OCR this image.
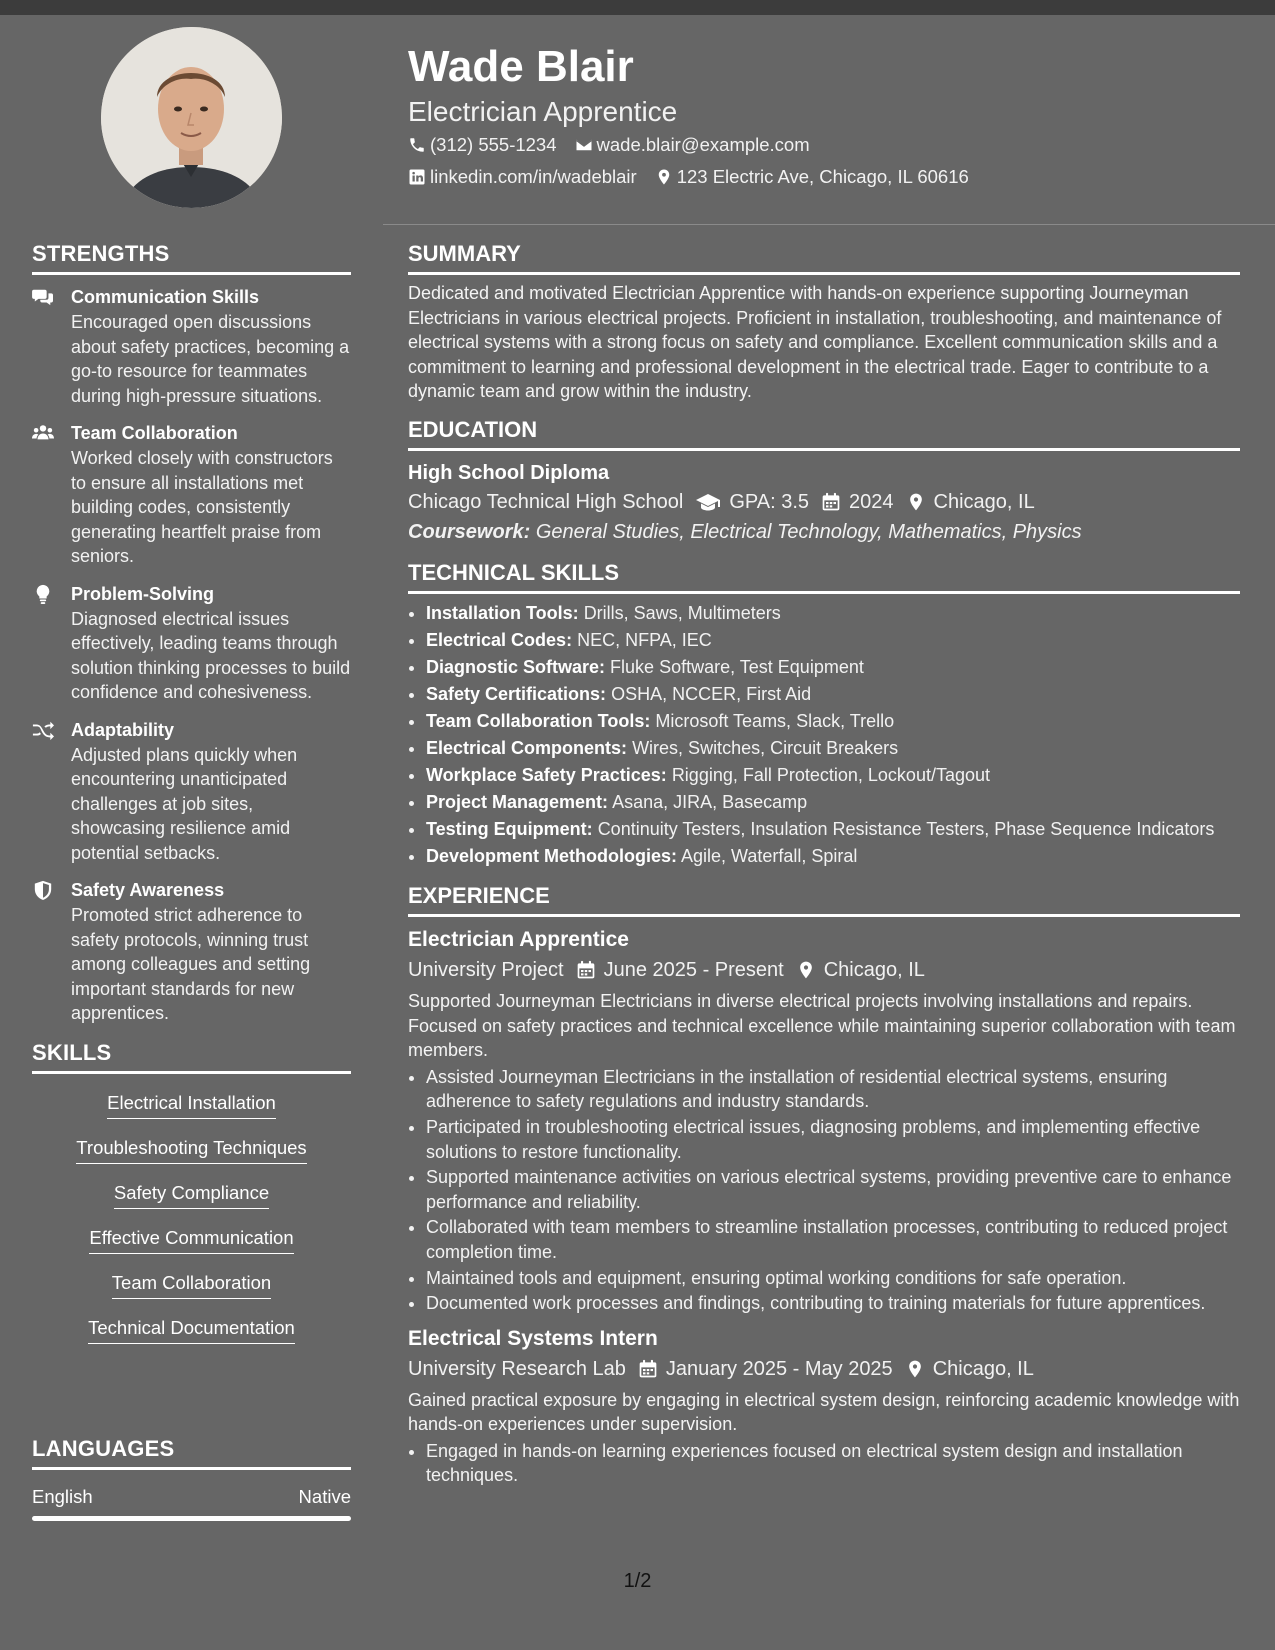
Wade Blair
Electrician Apprentice
(312) 555-1234 wade.blair@example.com
linkedin.com/in/wadeblair 123 Electric Ave, Chicago, IL 60616
STRENGTHS
Communication Skills
Encouraged open discussions about safety practices, becoming a go-to resource for teammates during high-pressure situations.
Team Collaboration
Worked closely with constructors to ensure all installations met building codes, consistently generating heartfelt praise from seniors.
Problem-Solving
Diagnosed electrical issues effectively, leading teams through solution thinking processes to build confidence and cohesiveness.
Adaptability
Adjusted plans quickly when encountering unanticipated challenges at job sites, showcasing resilience amid potential setbacks.
Safety Awareness
Promoted strict adherence to safety protocols, winning trust among colleagues and setting important standards for new apprentices.
SKILLS
Electrical Installation
Troubleshooting Techniques
Safety Compliance
Effective Communication
Team Collaboration
Technical Documentation
LANGUAGES
English	Native
SUMMARY
Dedicated and motivated Electrician Apprentice with hands-on experience supporting Journeyman Electricians in various electrical projects. Proficient in installation, troubleshooting, and maintenance of electrical systems with a strong focus on safety and compliance. Excellent communication skills and a commitment to learning and professional development in the electrical trade. Eager to contribute to a dynamic team and grow within the industry.
EDUCATION
High School Diploma
Chicago Technical High School GPA: 3.5 2024 Chicago, IL
Coursework: General Studies, Electrical Technology, Mathematics, Physics
TECHNICAL SKILLS
• Installation Tools: Drills, Saws, Multimeters
• Electrical Codes: NEC, NFPA, IEC
• Diagnostic Software: Fluke Software, Test Equipment
• Safety Certifications: OSHA, NCCER, First Aid
• Team Collaboration Tools: Microsoft Teams, Slack, Trello
• Electrical Components: Wires, Switches, Circuit Breakers
• Workplace Safety Practices: Rigging, Fall Protection, Lockout/Tagout
• Project Management: Asana, JIRA, Basecamp
• Testing Equipment: Continuity Testers, Insulation Resistance Testers, Phase Sequence Indicators
• Development Methodologies: Agile, Waterfall, Spiral
EXPERIENCE
Electrician Apprentice
University Project June 2025 - Present Chicago, IL
Supported Journeyman Electricians in diverse electrical projects involving installations and repairs. Focused on safety practices and technical excellence while maintaining superior collaboration with team members.
• Assisted Journeyman Electricians in the installation of residential electrical systems, ensuring adherence to safety regulations and industry standards.
• Participated in troubleshooting electrical issues, diagnosing problems, and implementing effective solutions to restore functionality.
• Supported maintenance activities on various electrical systems, providing preventive care to enhance performance and reliability.
• Collaborated with team members to streamline installation processes, contributing to reduced project completion time.
• Maintained tools and equipment, ensuring optimal working conditions for safe operation.
• Documented work processes and findings, contributing to training materials for future apprentices.
Electrical Systems Intern
University Research Lab January 2025 - May 2025 Chicago, IL
Gained practical exposure by engaging in electrical system design, reinforcing academic knowledge with hands-on experiences under supervision.
• Engaged in hands-on learning experiences focused on electrical system design and installation techniques.
1/2
